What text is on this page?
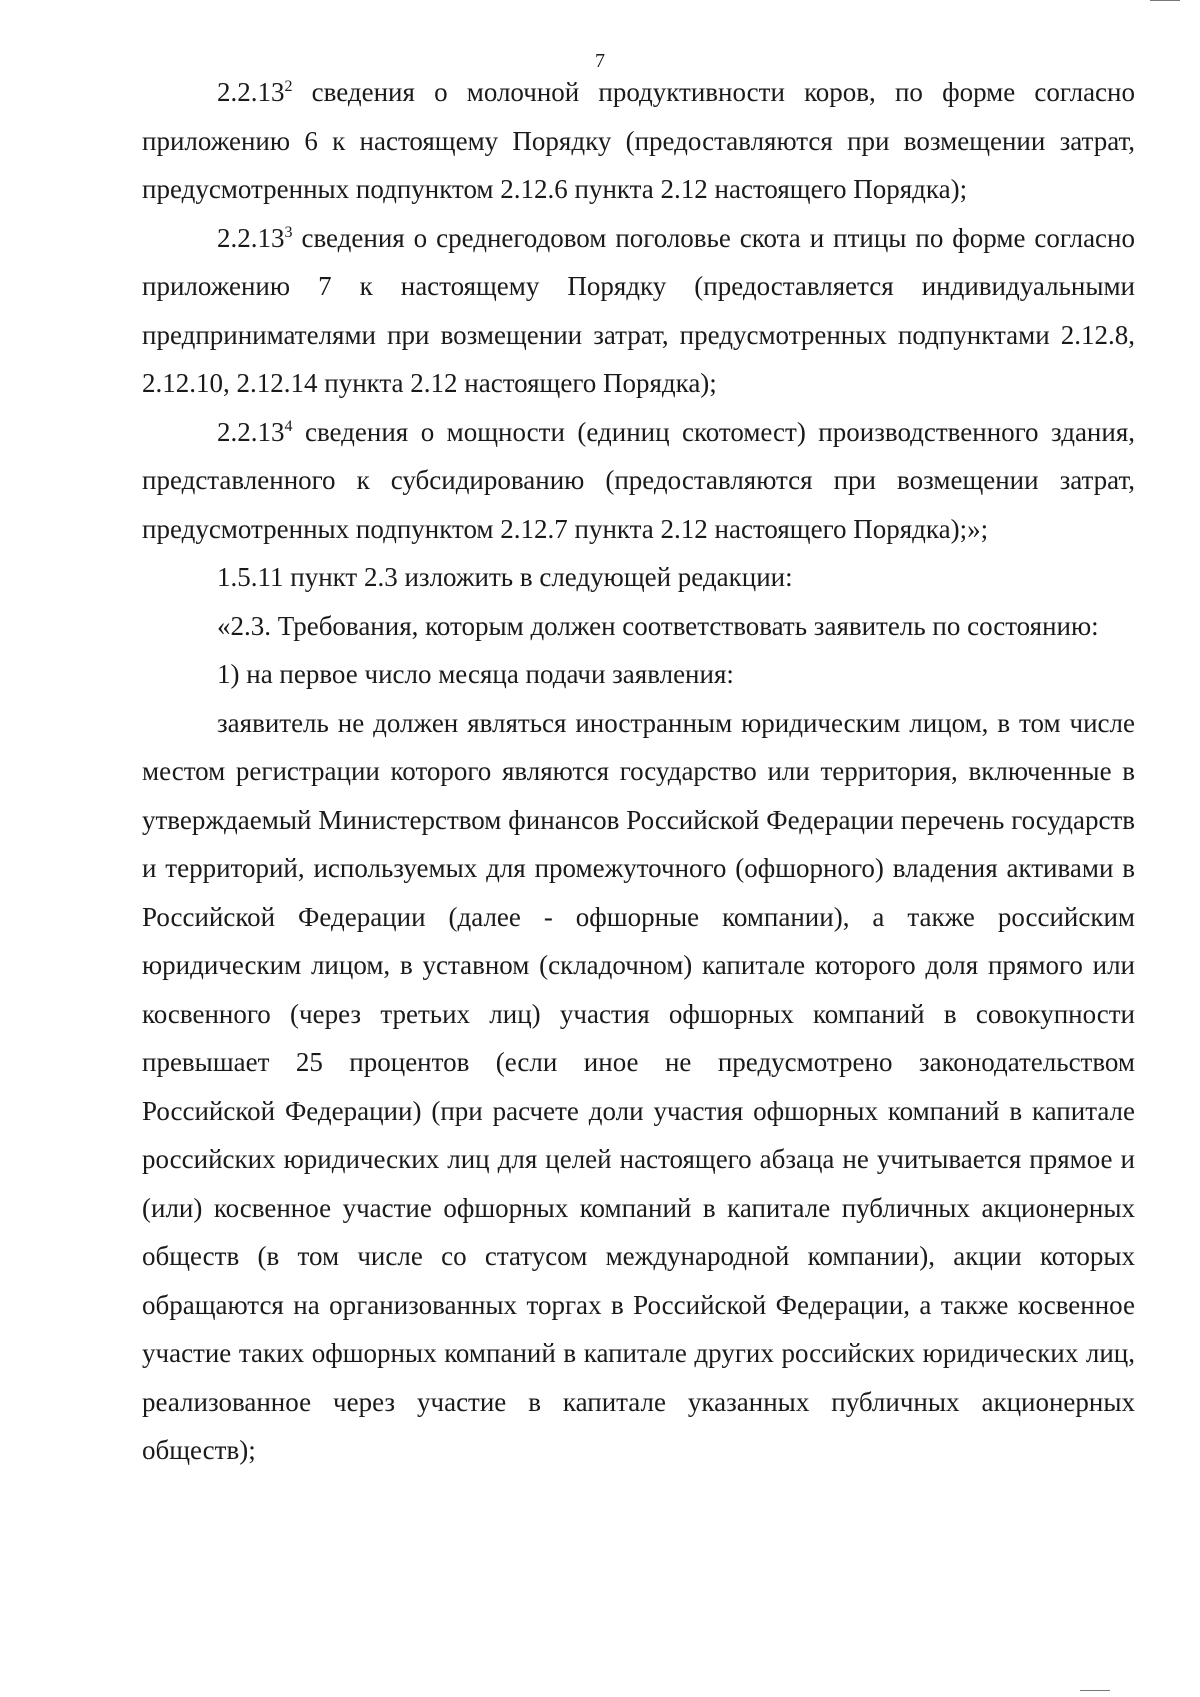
7

2.2.13$^2$ сведения о молочной продуктивности коров, по форме согласно приложению 6 к настоящему Порядку (предоставляются при возмещении затрат, предусмотренных подпунктом 2.12.6 пункта 2.12 настоящего Порядка);

2.2.13$^3$ сведения о среднегодовом поголовье скота и птицы по форме согласно приложению 7 к настоящему Порядку (предоставляется индивидуальными предпринимателями при возмещении затрат, предусмотренных подпунктами 2.12.8, 2.12.10, 2.12.14 пункта 2.12 настоящего Порядка);

2.2.13$^4$ сведения о мощности (единиц скотомест) производственного здания, представленного к субсидированию (предоставляются при возмещении затрат, предусмотренных подпунктом 2.12.7 пункта 2.12 настоящего Порядка);»;

1.5.11 пункт 2.3 изложить в следующей редакции:

«2.3. Требования, которым должен соответствовать заявитель по состоянию:

1) на первое число месяца подачи заявления:

заявитель не должен являться иностранным юридическим лицом, в том числе местом регистрации которого являются государство или территория, включенные в утверждаемый Министерством финансов Российской Федерации перечень государств и территорий, используемых для промежуточного (офшорного) владения активами в Российской Федерации (далее - офшорные компании), а также российским юридическим лицом, в уставном (складочном) капитале которого доля прямого или косвенного (через третьих лиц) участия офшорных компаний в совокупности превышает 25 процентов (если иное не предусмотрено законодательством Российской Федерации) (при расчете доли участия офшорных компаний в капитале российских юридических лиц для целей настоящего абзаца не учитывается прямое и (или) косвенное участие офшорных компаний в капитале публичных акционерных обществ (в том числе со статусом международной компании), акции которых обращаются на организованных торгах в Российской Федерации, а также косвенное участие таких офшорных компаний в капитале других российских юридических лиц, реализованное через участие в капитале указанных публичных акционерных обществ);
